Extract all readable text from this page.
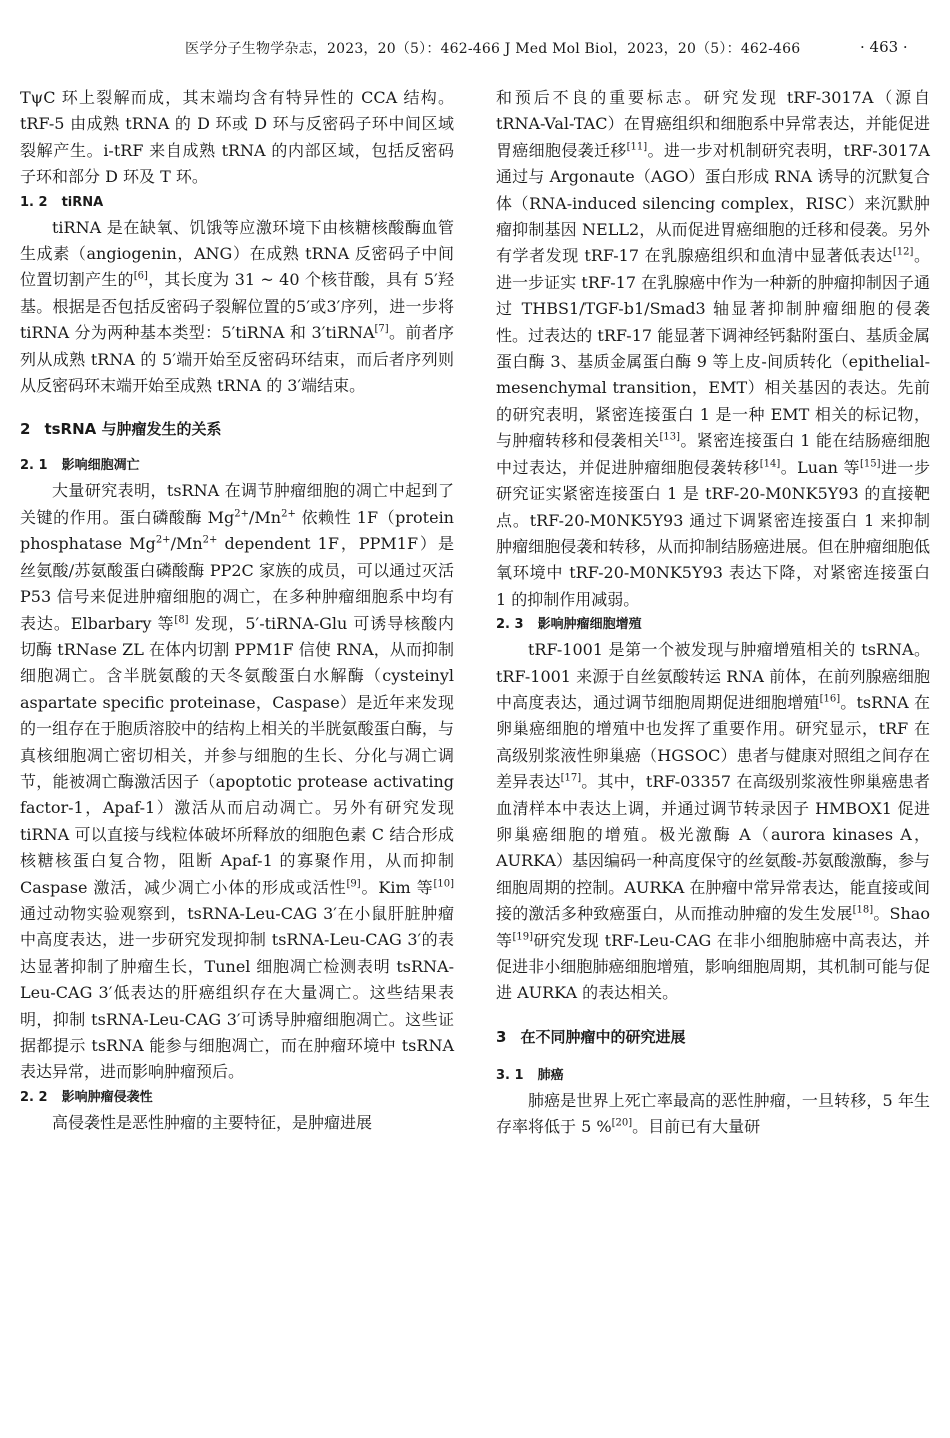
医学分子生物学杂志，2023，20（5）：462-466 J Med Mol Biol，2023，20（5）：462-466	· 463 ·

TψC 环上裂解而成，其末端均含有特异性的 CCA 结构。tRF-5 由成熟 tRNA 的 D 环或 D 环与反密码子环中间区域裂解产生。i-tRF 来自成熟 tRNA 的内部区域，包括反密码子环和部分 D 环及 T 环。

1. 2 tiRNA

tiRNA 是在缺氧、饥饿等应激环境下由核糖核酸酶血管生成素（angiogenin，ANG）在成熟 tRNA 反密码子中间位置切割产生的[6]，其长度为 31 ~ 40 个核苷酸，具有 5′羟基。根据是否包括反密码子裂解位置的5′或3′序列，进一步将 tiRNA 分为两种基本类型：5′tiRNA 和 3′tiRNA[7]。前者序列从成熟 tRNA 的 5′端开始至反密码环结束，而后者序列则从反密码环末端开始至成熟 tRNA 的 3′端结束。

2 tsRNA 与肿瘤发生的关系
2. 1 影响细胞凋亡

大量研究表明，tsRNA 在调节肿瘤细胞的凋亡中起到了关键的作用。蛋白磷酸酶 Mg$^{2+}$/Mn$^{2+}$ 依赖性 1F（protein phosphatase Mg$^{2+}$/Mn$^{2+}$ dependent 1F，PPM1F）是丝氨酸/苏氨酸蛋白磷酸酶 PP2C 家族的成员，可以通过灭活 P53 信号来促进肿瘤细胞的凋亡，在多种肿瘤细胞系中均有表达。Elbarbary 等[8] 发现，5′-tiRNA-Glu 可诱导核酸内切酶 tRNase ZL 在体内切割 PPM1F 信使 RNA，从而抑制细胞凋亡。含半胱氨酸的天冬氨酸蛋白水解酶（cysteinyl aspartate specific proteinase，Caspase）是近年来发现的一组存在于胞质溶胶中的结构上相关的半胱氨酸蛋白酶，与真核细胞凋亡密切相关，并参与细胞的生长、分化与凋亡调节，能被凋亡酶激活因子（apoptotic protease activating factor-1，Apaf-1）激活从而启动凋亡。另外有研究发现 tiRNA 可以直接与线粒体破坏所释放的细胞色素 C 结合形成核糖核蛋白复合物，阻断 Apaf-1 的寡聚作用，从而抑制 Caspase 激活，减少凋亡小体的形成或活性[9]。Kim 等[10] 通过动物实验观察到，tsRNA-Leu-CAG 3′在小鼠肝脏肿瘤中高度表达，进一步研究发现抑制 tsRNA-Leu-CAG 3′的表达显著抑制了肿瘤生长，Tunel 细胞凋亡检测表明 tsRNA-Leu-CAG 3′低表达的肝癌组织存在大量凋亡。这些结果表明，抑制 tsRNA-Leu-CAG 3′可诱导肿瘤细胞凋亡。这些证据都提示 tsRNA 能参与细胞凋亡，而在肿瘤环境中 tsRNA 表达异常，进而影响肿瘤预后。

2. 2 影响肿瘤侵袭性

高侵袭性是恶性肿瘤的主要特征，是肿瘤进展

和预后不良的重要标志。研究发现 tRF-3017A（源自 tRNA-Val-TAC）在胃癌组织和细胞系中异常表达，并能促进胃癌细胞侵袭迁移[11]。进一步对机制研究表明，tRF-3017A 通过与 Argonaute（AGO）蛋白形成 RNA 诱导的沉默复合体（RNA-induced silencing complex，RISC）来沉默肿瘤抑制基因 NELL2，从而促进胃癌细胞的迁移和侵袭。另外有学者发现 tRF-17 在乳腺癌组织和血清中显著低表达[12]。进一步证实 tRF-17 在乳腺癌中作为一种新的肿瘤抑制因子通过 THBS1/TGF-b1/Smad3 轴显著抑制肿瘤细胞的侵袭性。过表达的 tRF-17 能显著下调神经钙黏附蛋白、基质金属蛋白酶 3、基质金属蛋白酶 9 等上皮-间质转化（epithelial-mesenchymal transition，EMT）相关基因的表达。先前的研究表明，紧密连接蛋白 1 是一种 EMT 相关的标记物，与肿瘤转移和侵袭相关[13]。紧密连接蛋白 1 能在结肠癌细胞中过表达，并促进肿瘤细胞侵袭转移[14]。Luan 等[15]进一步研究证实紧密连接蛋白 1 是 tRF-20-M0NK5Y93 的直接靶点。tRF-20-M0NK5Y93 通过下调紧密连接蛋白 1 来抑制肿瘤细胞侵袭和转移，从而抑制结肠癌进展。但在肿瘤细胞低氧环境中 tRF-20-M0NK5Y93 表达下降，对紧密连接蛋白 1 的抑制作用减弱。

2. 3 影响肿瘤细胞增殖

tRF-1001 是第一个被发现与肿瘤增殖相关的 tsRNA。tRF-1001 来源于自丝氨酸转运 RNA 前体，在前列腺癌细胞中高度表达，通过调节细胞周期促进细胞增殖[16]。tsRNA 在卵巢癌细胞的增殖中也发挥了重要作用。研究显示，tRF 在高级别浆液性卵巢癌（HGSOC）患者与健康对照组之间存在差异表达[17]。其中，tRF-03357 在高级别浆液性卵巢癌患者血清样本中表达上调，并通过调节转录因子 HMBOX1 促进卵巢癌细胞的增殖。极光激酶 A（aurora kinases A，AURKA）基因编码一种高度保守的丝氨酸-苏氨酸激酶，参与细胞周期的控制。AURKA 在肿瘤中常异常表达，能直接或间接的激活多种致癌蛋白，从而推动肿瘤的发生发展[18]。Shao 等[19]研究发现 tRF-Leu-CAG 在非小细胞肺癌中高表达，并促进非小细胞肺癌细胞增殖，影响细胞周期，其机制可能与促进 AURKA 的表达相关。

3 在不同肿瘤中的研究进展
3. 1 肺癌

肺癌是世界上死亡率最高的恶性肿瘤，一旦转移，5 年生存率将低于 5 %[20]。目前已有大量研
